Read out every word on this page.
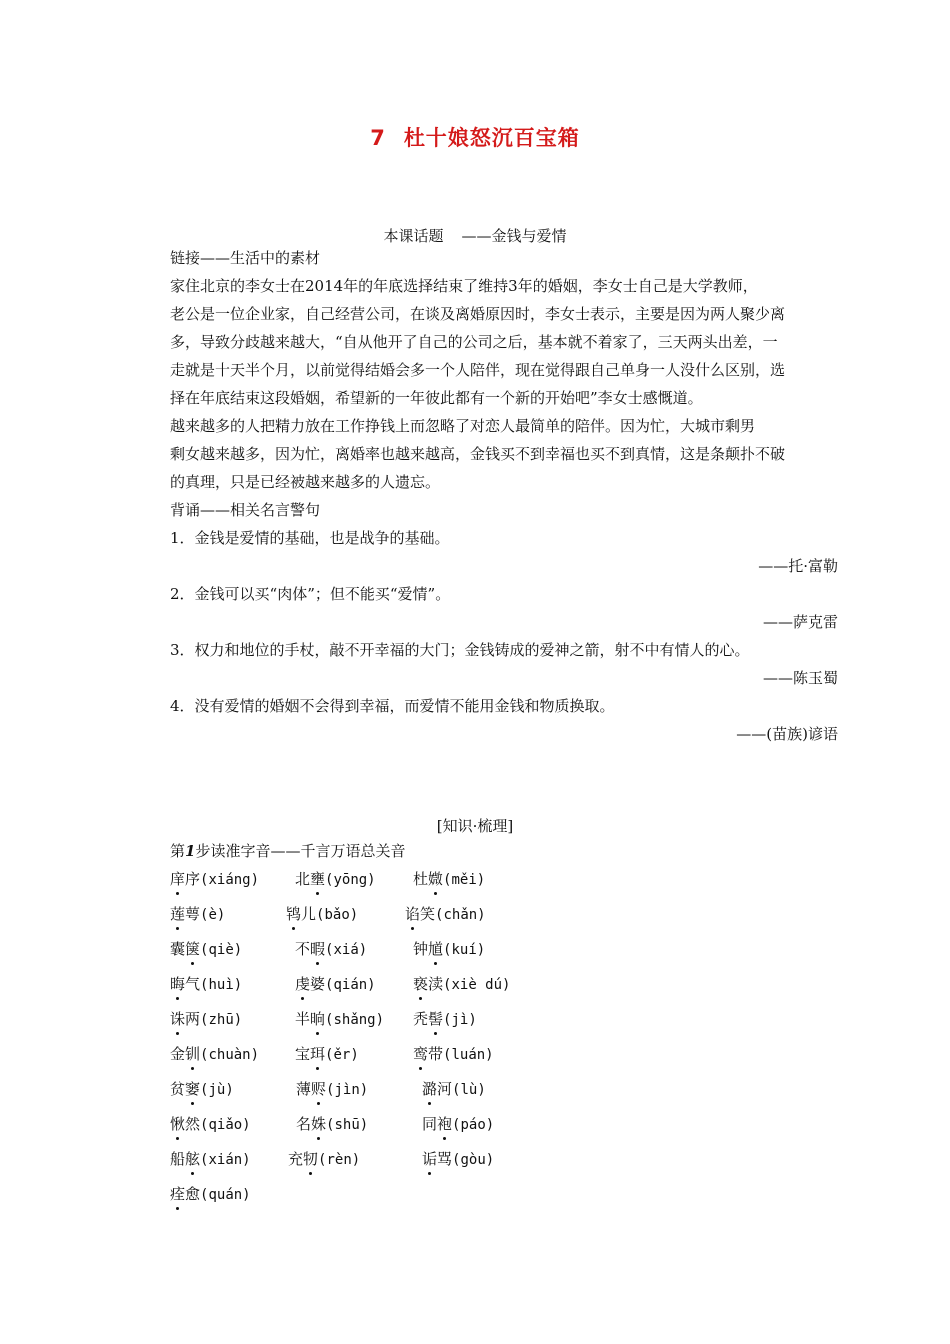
7 杜十娘怒沉百宝箱
本课话题 ——金钱与爱情

链接——生活中的素材

家住北京的李女士在2014年的年底选择结束了维持3年的婚姻，李女士自己是大学教师，

老公是一位企业家，自己经营公司，在谈及离婚原因时，李女士表示，主要是因为两人聚少离

多，导致分歧越来越大，“自从他开了自己的公司之后，基本就不着家了，三天两头出差，一

走就是十天半个月，以前觉得结婚会多一个人陪伴，现在觉得跟自己单身一人没什么区别，选

择在年底结束这段婚姻，希望新的一年彼此都有一个新的开始吧”李女士感慨道。

越来越多的人把精力放在工作挣钱上而忽略了对恋人最简单的陪伴。因为忙，大城市剩男

剩女越来越多，因为忙，离婚率也越来越高，金钱买不到幸福也买不到真情，这是条颠扑不破

的真理，只是已经被越来越多的人遗忘。

背诵——相关名言警句

1．金钱是爱情的基础，也是战争的基础。

——托·富勒

2．金钱可以买“肉体”；但不能买“爱情”。

——萨克雷

3．权力和地位的手杖，敲不开幸福的大门；金钱铸成的爱神之箭，射不中有情人的心。

——陈玉蜀

4．没有爱情的婚姻不会得到幸福，而爱情不能用金钱和物质换取。

——(苗族)谚语

[知识·梳理]
第1步读准字音——千言万语总关音
庠序(xiáng) 北壅(yōng) 杜媺(měi)
莲萼(è)	鸨儿(bǎo)	谄笑(chǎn)
囊箧(qiè)	不暇(xiá)	钟馗(kuí)
晦气(huì)	虔婆(qián) 亵渎(xiè dú)
诛两(zhū)	半晌(shǎng) 秃髻(jì)
金钏(chuàn) 宝珥(ěr)	鸾带(luán)
贫窭(jù)	薄赆(jìn)	潞河(lù)
愀然(qiǎo)	名姝(shū)	同袍(páo)
船舷(xián) 充牣(rèn)	诟骂(gòu)
痊愈(quán)
